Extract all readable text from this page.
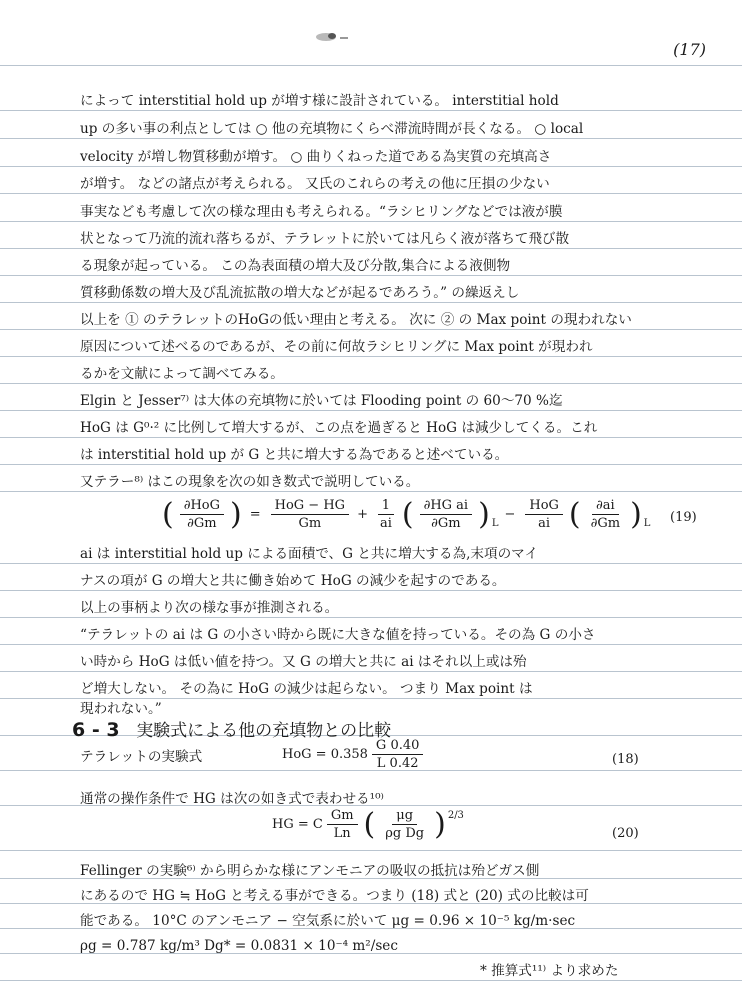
(17)
によって interstitial hold up が増す様に設計されている。 interstitial hold
up の多い事の利点としては ○ 他の充填物にくらべ滞流時間が長くなる。 ○ local
velocity が増し物質移動が増す。 ○ 曲りくねった道である為実質の充填高さ
が増す。 などの諸点が考えられる。 又氏のこれらの考えの他に圧損の少ない
事実なども考慮して次の様な理由も考えられる。“ラシヒリングなどでは液が膜
状となって乃流的流れ落ちるが、テラレットに於いては凡らく液が落ちて飛び散
る現象が起っている。 この為表面積の増大及び分散,集合による液側物
質移動係数の増大及び乱流拡散の増大などが起るであろう。” の繰返えし
以上を ① のテラレットのHoGの低い理由と考える。 次に ② の Max point の現われない
原因について述べるのであるが、その前に何故ラシヒリングに Max point が現われ
るかを文献によって調べてみる。
Elgin と Jesser⁷⁾ は大体の充填物に於いては Flooding point の 60〜70 %迄
HoG は G⁰·² に比例して増大するが、この点を過ぎると HoG は減少してくる。これ
は interstitial hold up が G と共に増大する為であると述べている。
又テラー⁸⁾ はこの現象を次の如き数式で説明している。
( $\frac{\text{∂HoG}}{\partial Gm}$ ) = $\frac{\text{HoG − HG}}{Gm} + \frac{1}{ai}$ ( $\frac{\text{∂HG ai}}{\partial Gm}$ ) L
− $\frac{\text{HoG}}{ai}$ ( $\frac{\partial ai}{\partial Gm}$ ) L (19)
ai は interstitial hold up による面積で、G と共に増大する為,末項のマイ
ナスの項が G の増大と共に働き始めて HoG の減少を起すのである。
以上の事柄より次の様な事が推測される。
“テラレットの ai は G の小さい時から既に大きな値を持っている。その為 G の小さ
い時から HoG は低い値を持つ。又 G の増大と共に ai はそれ以上或は殆
ど増大しない。 その為に HoG の減少は起らない。 つまり Max point は
現われない。”
6 - 3 実験式による他の充填物との比較
テラレットの実験式	HoG = $0.358 \frac{G 0.40}{L 0.42}$	(18)
通常の操作条件で HG は次の如き式で表わせる¹⁰⁾
HG = C $\frac{Gm}{Ln}$ ( $\frac{\mu g}{\text{ρg Dg}}$ ) 2/3
(20)
Fellinger の実験⁶⁾ から明らかな様にアンモニアの吸収の抵抗は殆どガス側
にあるので HG ≒ HoG と考える事ができる。つまり (18) 式と (20) 式の比較は可
能である。 10°C のアンモニア − 空気系に於いて μg = 0.96 × 10⁻⁵ kg/m·sec
ρg = 0.787 kg/m³ Dg* = 0.0831 × 10⁻⁴ m²/sec
* 推算式¹¹⁾ より求めた
